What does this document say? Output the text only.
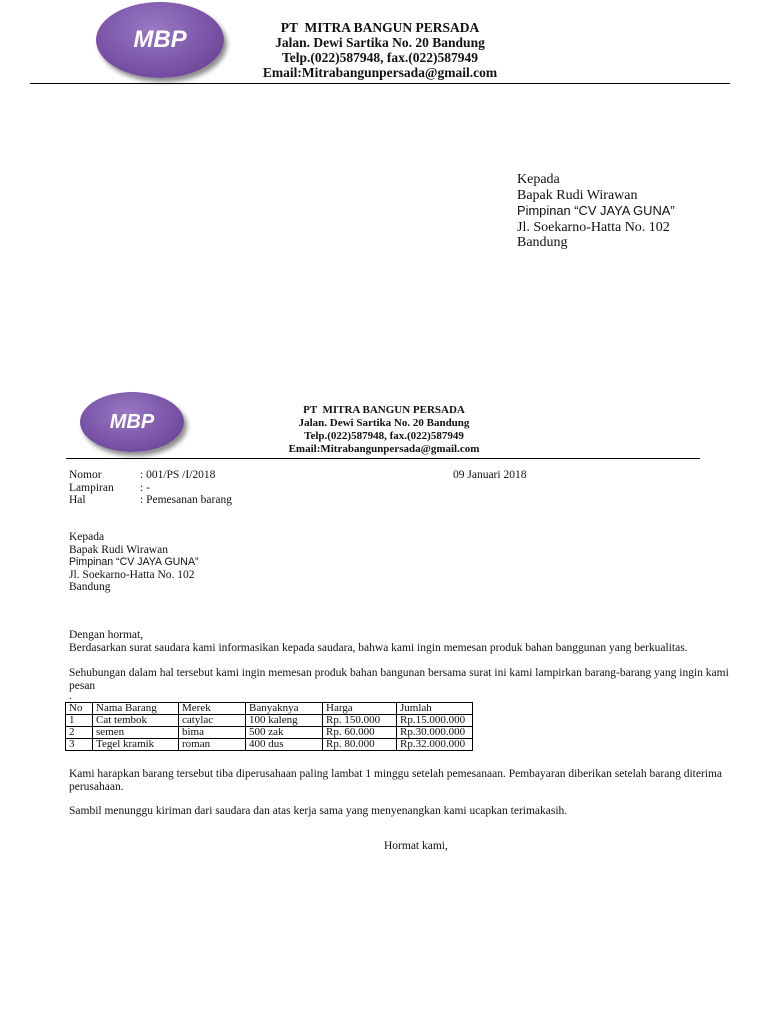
MBP	PT  MITRA BANGUN PERSADA
Jalan. Dewi Sartika No. 20 Bandung
Telp.(022)587948, fax.(022)587949
Email:Mitrabangunpersada@gmail.com
Kepada
Bapak Rudi Wirawan
Pimpinan “CV JAYA GUNA”
Jl. Soekarno-Hatta No. 102
Bandung
MBP
PT  MITRA BANGUN PERSADA
Jalan. Dewi Sartika No. 20 Bandung
Telp.(022)587948, fax.(022)587949
Email:Mitrabangunpersada@gmail.com
Nomor	: 001/PS /I/2018	09 Januari 2018
Lampiran : -
Hal	: Pemesanan barang
Kepada
Bapak Rudi Wirawan
Pimpinan “CV JAYA GUNA”
Jl. Soekarno-Hatta No. 102
Bandung
Dengan hormat,
Berdasarkan surat saudara kami informasikan kepada saudara, bahwa kami ingin memesan produk bahan banggunan yang berkualitas.
Sehubungan dalam hal tersebut kami ingin memesan produk bahan bangunan bersama surat ini kami lampirkan barang-barang yang ingin kami
pesan
.
No	Nama Barang	Merek	Banyaknya	Harga	Jumlah
1	Cat tembok	catylac	100 kaleng	Rp. 150.000	Rp.15.000.000
2	semen	bima	500 zak	Rp. 60.000	Rp.30.000.000
3	Tegel kramik	roman	400 dus	Rp. 80.000	Rp.32.000.000
Kami harapkan barang tersebut tiba diperusahaan paling lambat 1 minggu setelah pemesanaan. Pembayaran diberikan setelah barang diterima
perusahaan.
Sambil menunggu kiriman dari saudara dan atas kerja sama yang menyenangkan kami ucapkan terimakasih.
Hormat kami,
